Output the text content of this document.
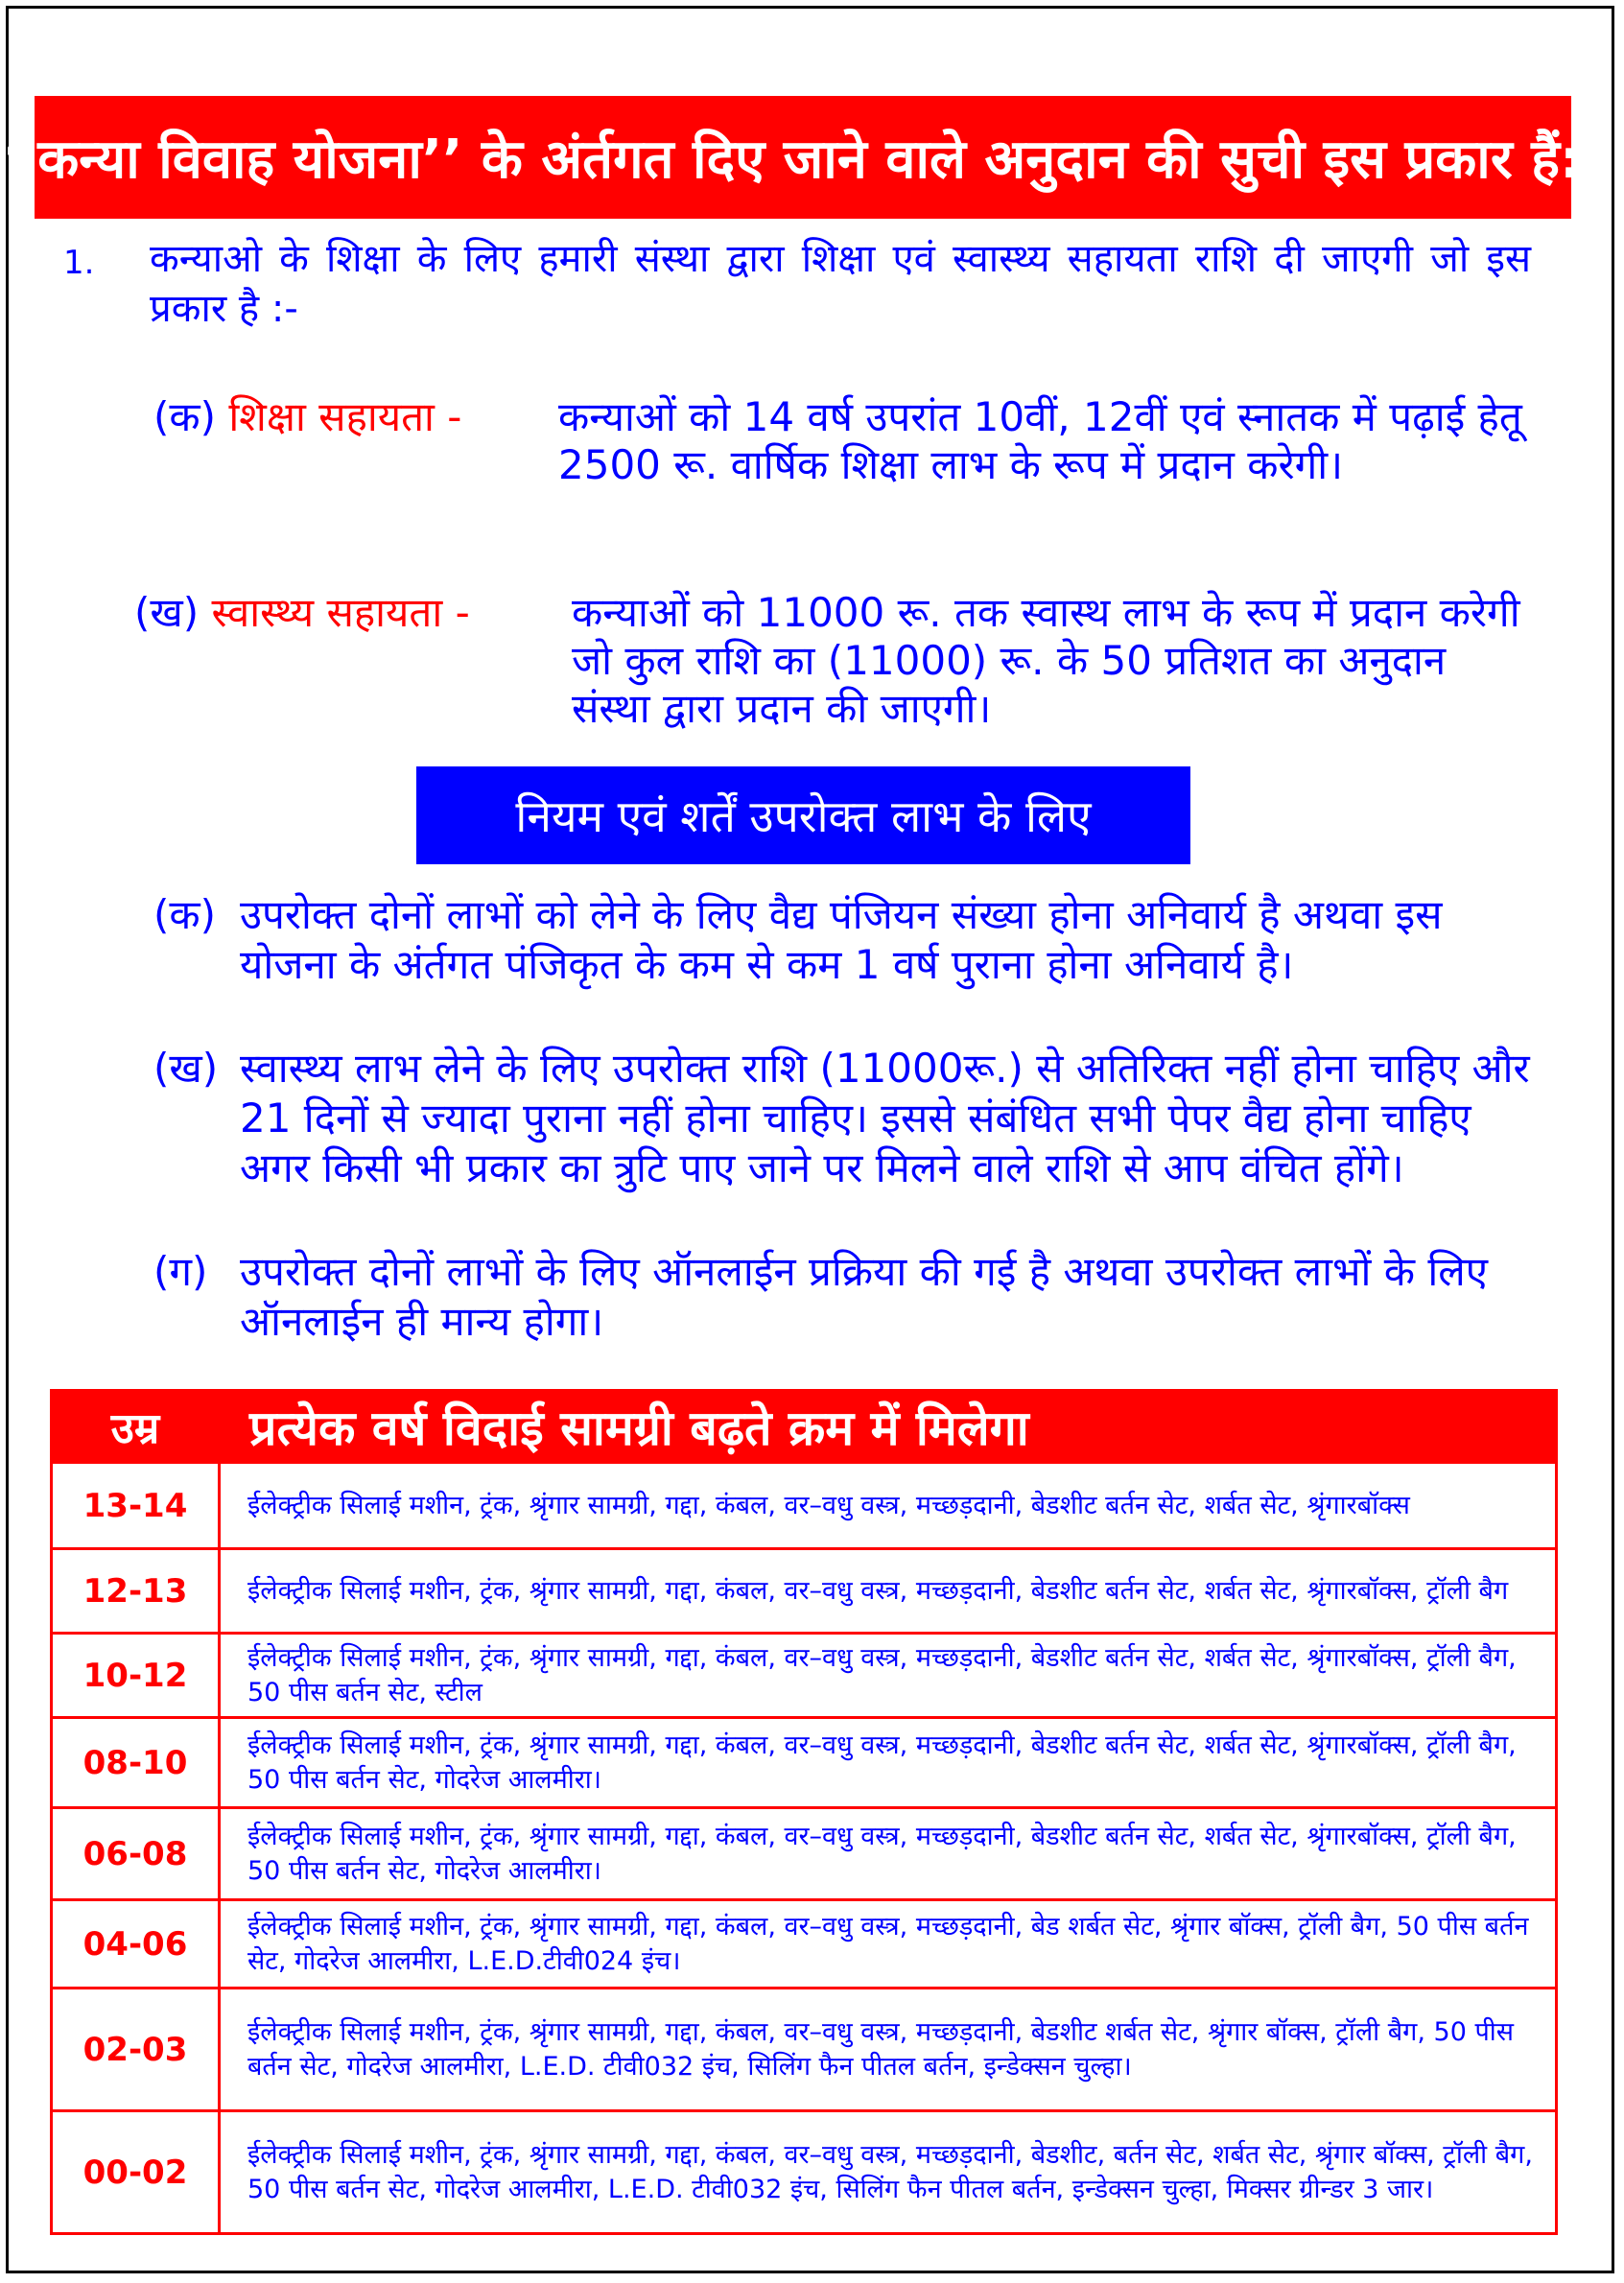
“कन्या विवाह योजना’’ के अंर्तगत दिए जाने वाले अनुदान की सुची इस प्रकार हैं:-
1. कन्याओ के शिक्षा के लिए हमारी संस्था द्वारा शिक्षा एवं स्वास्थ्य सहायता राशि दी जाएगी जो इस प्रकार है :-
(क) शिक्षा सहायता - कन्याओं को 14 वर्ष उपरांत 10वीं, 12वीं एवं स्नातक में पढ़ाई हेतू 2500 रू. वार्षिक शिक्षा लाभ के रूप में प्रदान करेगी।
(ख) स्वास्थ्य सहायता -	कन्याओं को 11000 रू. तक स्वास्थ लाभ के रूप में प्रदान करेगी जो कुल राशि का (11000) रू. के 50 प्रतिशत का अनुदान संस्था द्वारा प्रदान की जाएगी।
नियम एवं शर्तें उपरोक्त लाभ के लिए
(क) उपरोक्त दोनों लाभों को लेने के लिए वैद्य पंजियन संख्या होना अनिवार्य है अथवा इस योजना के अंर्तगत पंजिकृत के कम से कम 1 वर्ष पुराना होना अनिवार्य है।
(ख) स्वास्थ्य लाभ लेने के लिए उपरोक्त राशि (11000रू.) से अतिरिक्त नहीं होना चाहिए और 21 दिनों से ज्यादा पुराना नहीं होना चाहिए। इससे संबंधित सभी पेपर वैद्य होना चाहिए अगर किसी भी प्रकार का त्रुटि पाए जाने पर मिलने वाले राशि से आप वंचित होंगे।
(ग) उपरोक्त दोनों लाभों के लिए ऑनलाईन प्रक्रिया की गई है अथवा उपरोक्त लाभों के लिए ऑनलाईन ही मान्य होगा।
उम्र	प्रत्येक वर्ष विदाई सामग्री बढ़ते क्रम में मिलेगा
13-14	ईलेक्ट्रीक सिलाई मशीन, ट्रंक, श्रृंगार सामग्री, गद्दा, कंबल, वर–वधु वस्त्र, मच्छड़दानी, बेडशीट बर्तन सेट, शर्बत सेट, श्रृंगारबॉक्स
12-13	ईलेक्ट्रीक सिलाई मशीन, ट्रंक, श्रृंगार सामग्री, गद्दा, कंबल, वर–वधु वस्त्र, मच्छड़दानी, बेडशीट बर्तन सेट, शर्बत सेट, श्रृंगारबॉक्स, ट्रॉली बैग
10-12	ईलेक्ट्रीक सिलाई मशीन, ट्रंक, श्रृंगार सामग्री, गद्दा, कंबल, वर–वधु वस्त्र, मच्छड़दानी, बेडशीट बर्तन सेट, शर्बत सेट, श्रृंगारबॉक्स, ट्रॉली बैग, 50 पीस बर्तन सेट, स्टील
08-10	ईलेक्ट्रीक सिलाई मशीन, ट्रंक, श्रृंगार सामग्री, गद्दा, कंबल, वर–वधु वस्त्र, मच्छड़दानी, बेडशीट बर्तन सेट, शर्बत सेट, श्रृंगारबॉक्स, ट्रॉली बैग, 50 पीस बर्तन सेट, गोदरेज आलमीरा।
06-08	ईलेक्ट्रीक सिलाई मशीन, ट्रंक, श्रृंगार सामग्री, गद्दा, कंबल, वर–वधु वस्त्र, मच्छड़दानी, बेडशीट बर्तन सेट, शर्बत सेट, श्रृंगारबॉक्स, ट्रॉली बैग, 50 पीस बर्तन सेट, गोदरेज आलमीरा।
04-06	ईलेक्ट्रीक सिलाई मशीन, ट्रंक, श्रृंगार सामग्री, गद्दा, कंबल, वर–वधु वस्त्र, मच्छड़दानी, बेड शर्बत सेट, श्रृंगार बॉक्स, ट्रॉली बैग, 50 पीस बर्तन सेट, गोदरेज आलमीरा, L.E.D.टीवी024 इंच।
02-03	ईलेक्ट्रीक सिलाई मशीन, ट्रंक, श्रृंगार सामग्री, गद्दा, कंबल, वर–वधु वस्त्र, मच्छड़दानी, बेडशीट शर्बत सेट, श्रृंगार बॉक्स, ट्रॉली बैग, 50 पीस बर्तन सेट, गोदरेज आलमीरा, L.E.D. टीवी032 इंच, सिलिंग फैन पीतल बर्तन, इन्डेक्सन चुल्हा।
00-02	ईलेक्ट्रीक सिलाई मशीन, ट्रंक, श्रृंगार सामग्री, गद्दा, कंबल, वर–वधु वस्त्र, मच्छड़दानी, बेडशीट, बर्तन सेट, शर्बत सेट, श्रृंगार बॉक्स, ट्रॉली बैग, 50 पीस बर्तन सेट, गोदरेज आलमीरा, L.E.D. टीवी032 इंच, सिलिंग फैन पीतल बर्तन, इन्डेक्सन चुल्हा, मिक्सर ग्रीन्डर 3 जार।
